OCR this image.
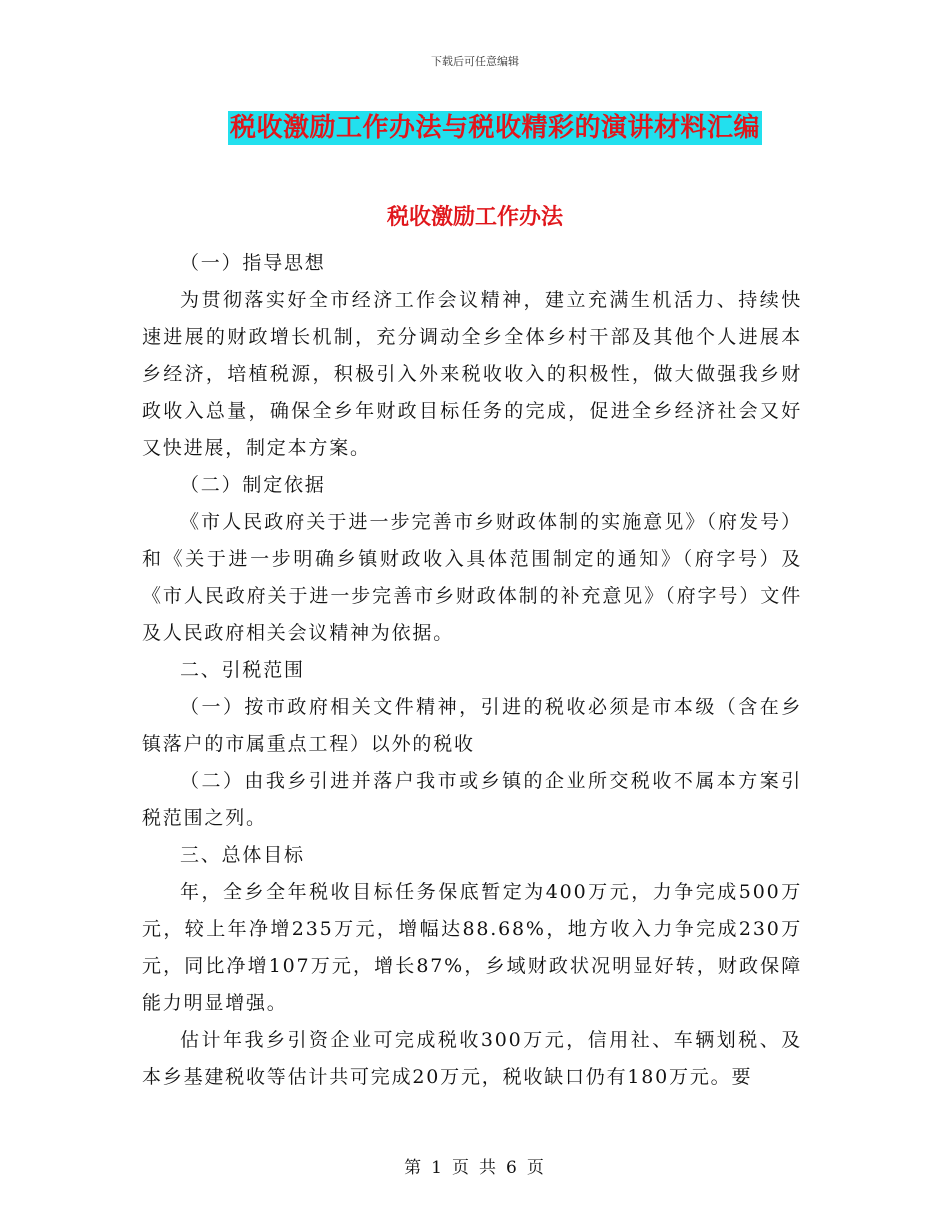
下载后可任意编辑
税收激励工作办法与税收精彩的演讲材料汇编
税收激励工作办法

（一）指导思想

为贯彻落实好全市经济工作会议精神，建立充满生机活力、持续快速进展的财政增长机制，充分调动全乡全体乡村干部及其他个人进展本乡经济，培植税源，积极引入外来税收收入的积极性，做大做强我乡财政收入总量，确保全乡年财政目标任务的完成，促进全乡经济社会又好又快进展，制定本方案。

（二）制定依据

《市人民政府关于进一步完善市乡财政体制的实施意见》（府发号）和《关于进一步明确乡镇财政收入具体范围制定的通知》（府字号）及《市人民政府关于进一步完善市乡财政体制的补充意见》（府字号）文件及人民政府相关会议精神为依据。

二、引税范围

（一）按市政府相关文件精神，引进的税收必须是市本级（含在乡镇落户的市属重点工程）以外的税收

（二）由我乡引进并落户我市或乡镇的企业所交税收不属本方案引税范围之列。

三、总体目标

年，全乡全年税收目标任务保底暂定为400万元，力争完成500万元，较上年净增235万元，增幅达88.68%，地方收入力争完成230万元，同比净增107万元，增长87%，乡域财政状况明显好转，财政保障能力明显增强。

估计年我乡引资企业可完成税收300万元，信用社、车辆划税、及本乡基建税收等估计共可完成20万元，税收缺口仍有180万元。要

第 1 页 共 6 页
